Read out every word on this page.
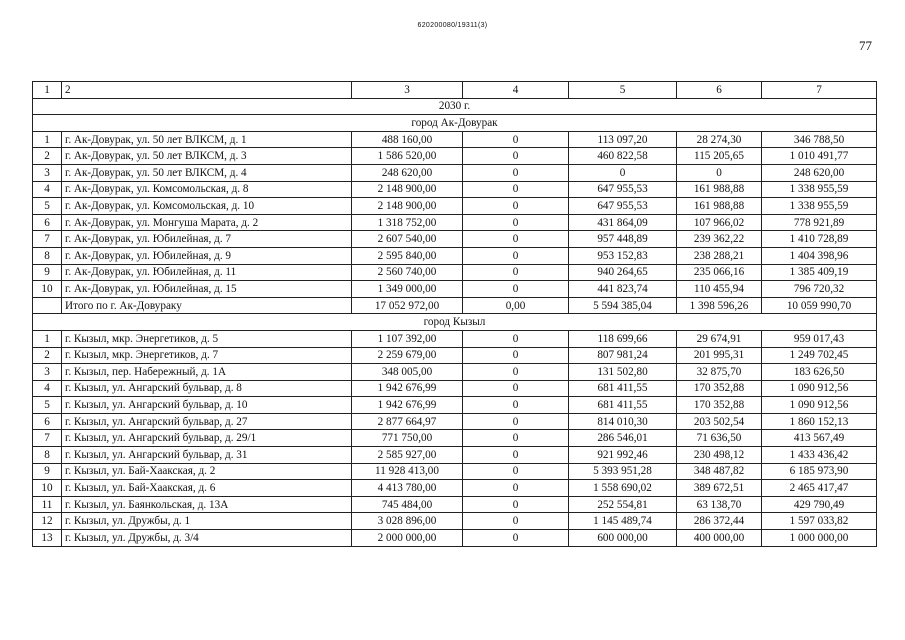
620200080/19311(3)
77
1	2	3	4	5	6	7
2030 г.						
город Ак-Довурак						
1	г. Ак-Довурак, ул. 50 лет ВЛКСМ, д. 1	488 160,00	0	113 097,20	28 274,30	346 788,50
2	г. Ак-Довурак, ул. 50 лет ВЛКСМ, д. 3	1 586 520,00	0	460 822,58	115 205,65	1 010 491,77
3	г. Ак-Довурак, ул. 50 лет ВЛКСМ, д. 4	248 620,00	0	0	0	248 620,00
4	г. Ак-Довурак, ул. Комсомольская, д. 8	2 148 900,00	0	647 955,53	161 988,88	1 338 955,59
5	г. Ак-Довурак, ул. Комсомольская, д. 10	2 148 900,00	0	647 955,53	161 988,88	1 338 955,59
6	г. Ак-Довурак, ул. Монгуша Марата, д. 2	1 318 752,00	0	431 864,09	107 966,02	778 921,89
7	г. Ак-Довурак, ул. Юбилейная, д. 7	2 607 540,00	0	957 448,89	239 362,22	1 410 728,89
8	г. Ак-Довурак, ул. Юбилейная, д. 9	2 595 840,00	0	953 152,83	238 288,21	1 404 398,96
9	г. Ак-Довурак, ул. Юбилейная, д. 11	2 560 740,00	0	940 264,65	235 066,16	1 385 409,19
10	г. Ак-Довурак, ул. Юбилейная, д. 15	1 349 000,00	0	441 823,74	110 455,94	796 720,32
	Итого по г. Ак-Довураку	17 052 972,00	0,00	5 594 385,04	1 398 596,26	10 059 990,70
город Кызыл						
1	г. Кызыл, мкр. Энергетиков, д. 5	1 107 392,00	0	118 699,66	29 674,91	959 017,43
2	г. Кызыл, мкр. Энергетиков, д. 7	2 259 679,00	0	807 981,24	201 995,31	1 249 702,45
3	г. Кызыл, пер. Набережный, д. 1А	348 005,00	0	131 502,80	32 875,70	183 626,50
4	г. Кызыл, ул. Ангарский бульвар, д. 8	1 942 676,99	0	681 411,55	170 352,88	1 090 912,56
5	г. Кызыл, ул. Ангарский бульвар, д. 10	1 942 676,99	0	681 411,55	170 352,88	1 090 912,56
6	г. Кызыл, ул. Ангарский бульвар, д. 27	2 877 664,97	0	814 010,30	203 502,54	1 860 152,13
7	г. Кызыл, ул. Ангарский бульвар, д. 29/1	771 750,00	0	286 546,01	71 636,50	413 567,49
8	г. Кызыл, ул. Ангарский бульвар, д. 31	2 585 927,00	0	921 992,46	230 498,12	1 433 436,42
9	г. Кызыл, ул. Бай-Хаакская, д. 2	11 928 413,00	0	5 393 951,28	348 487,82	6 185 973,90
10	г. Кызыл, ул. Бай-Хаакская, д. 6	4 413 780,00	0	1 558 690,02	389 672,51	2 465 417,47
11	г. Кызыл, ул. Баянкольская, д. 13А	745 484,00	0	252 554,81	63 138,70	429 790,49
12	г. Кызыл, ул. Дружбы, д. 1	3 028 896,00	0	1 145 489,74	286 372,44	1 597 033,82
13	г. Кызыл, ул. Дружбы, д. 3/4	2 000 000,00	0	600 000,00	400 000,00	1 000 000,00
